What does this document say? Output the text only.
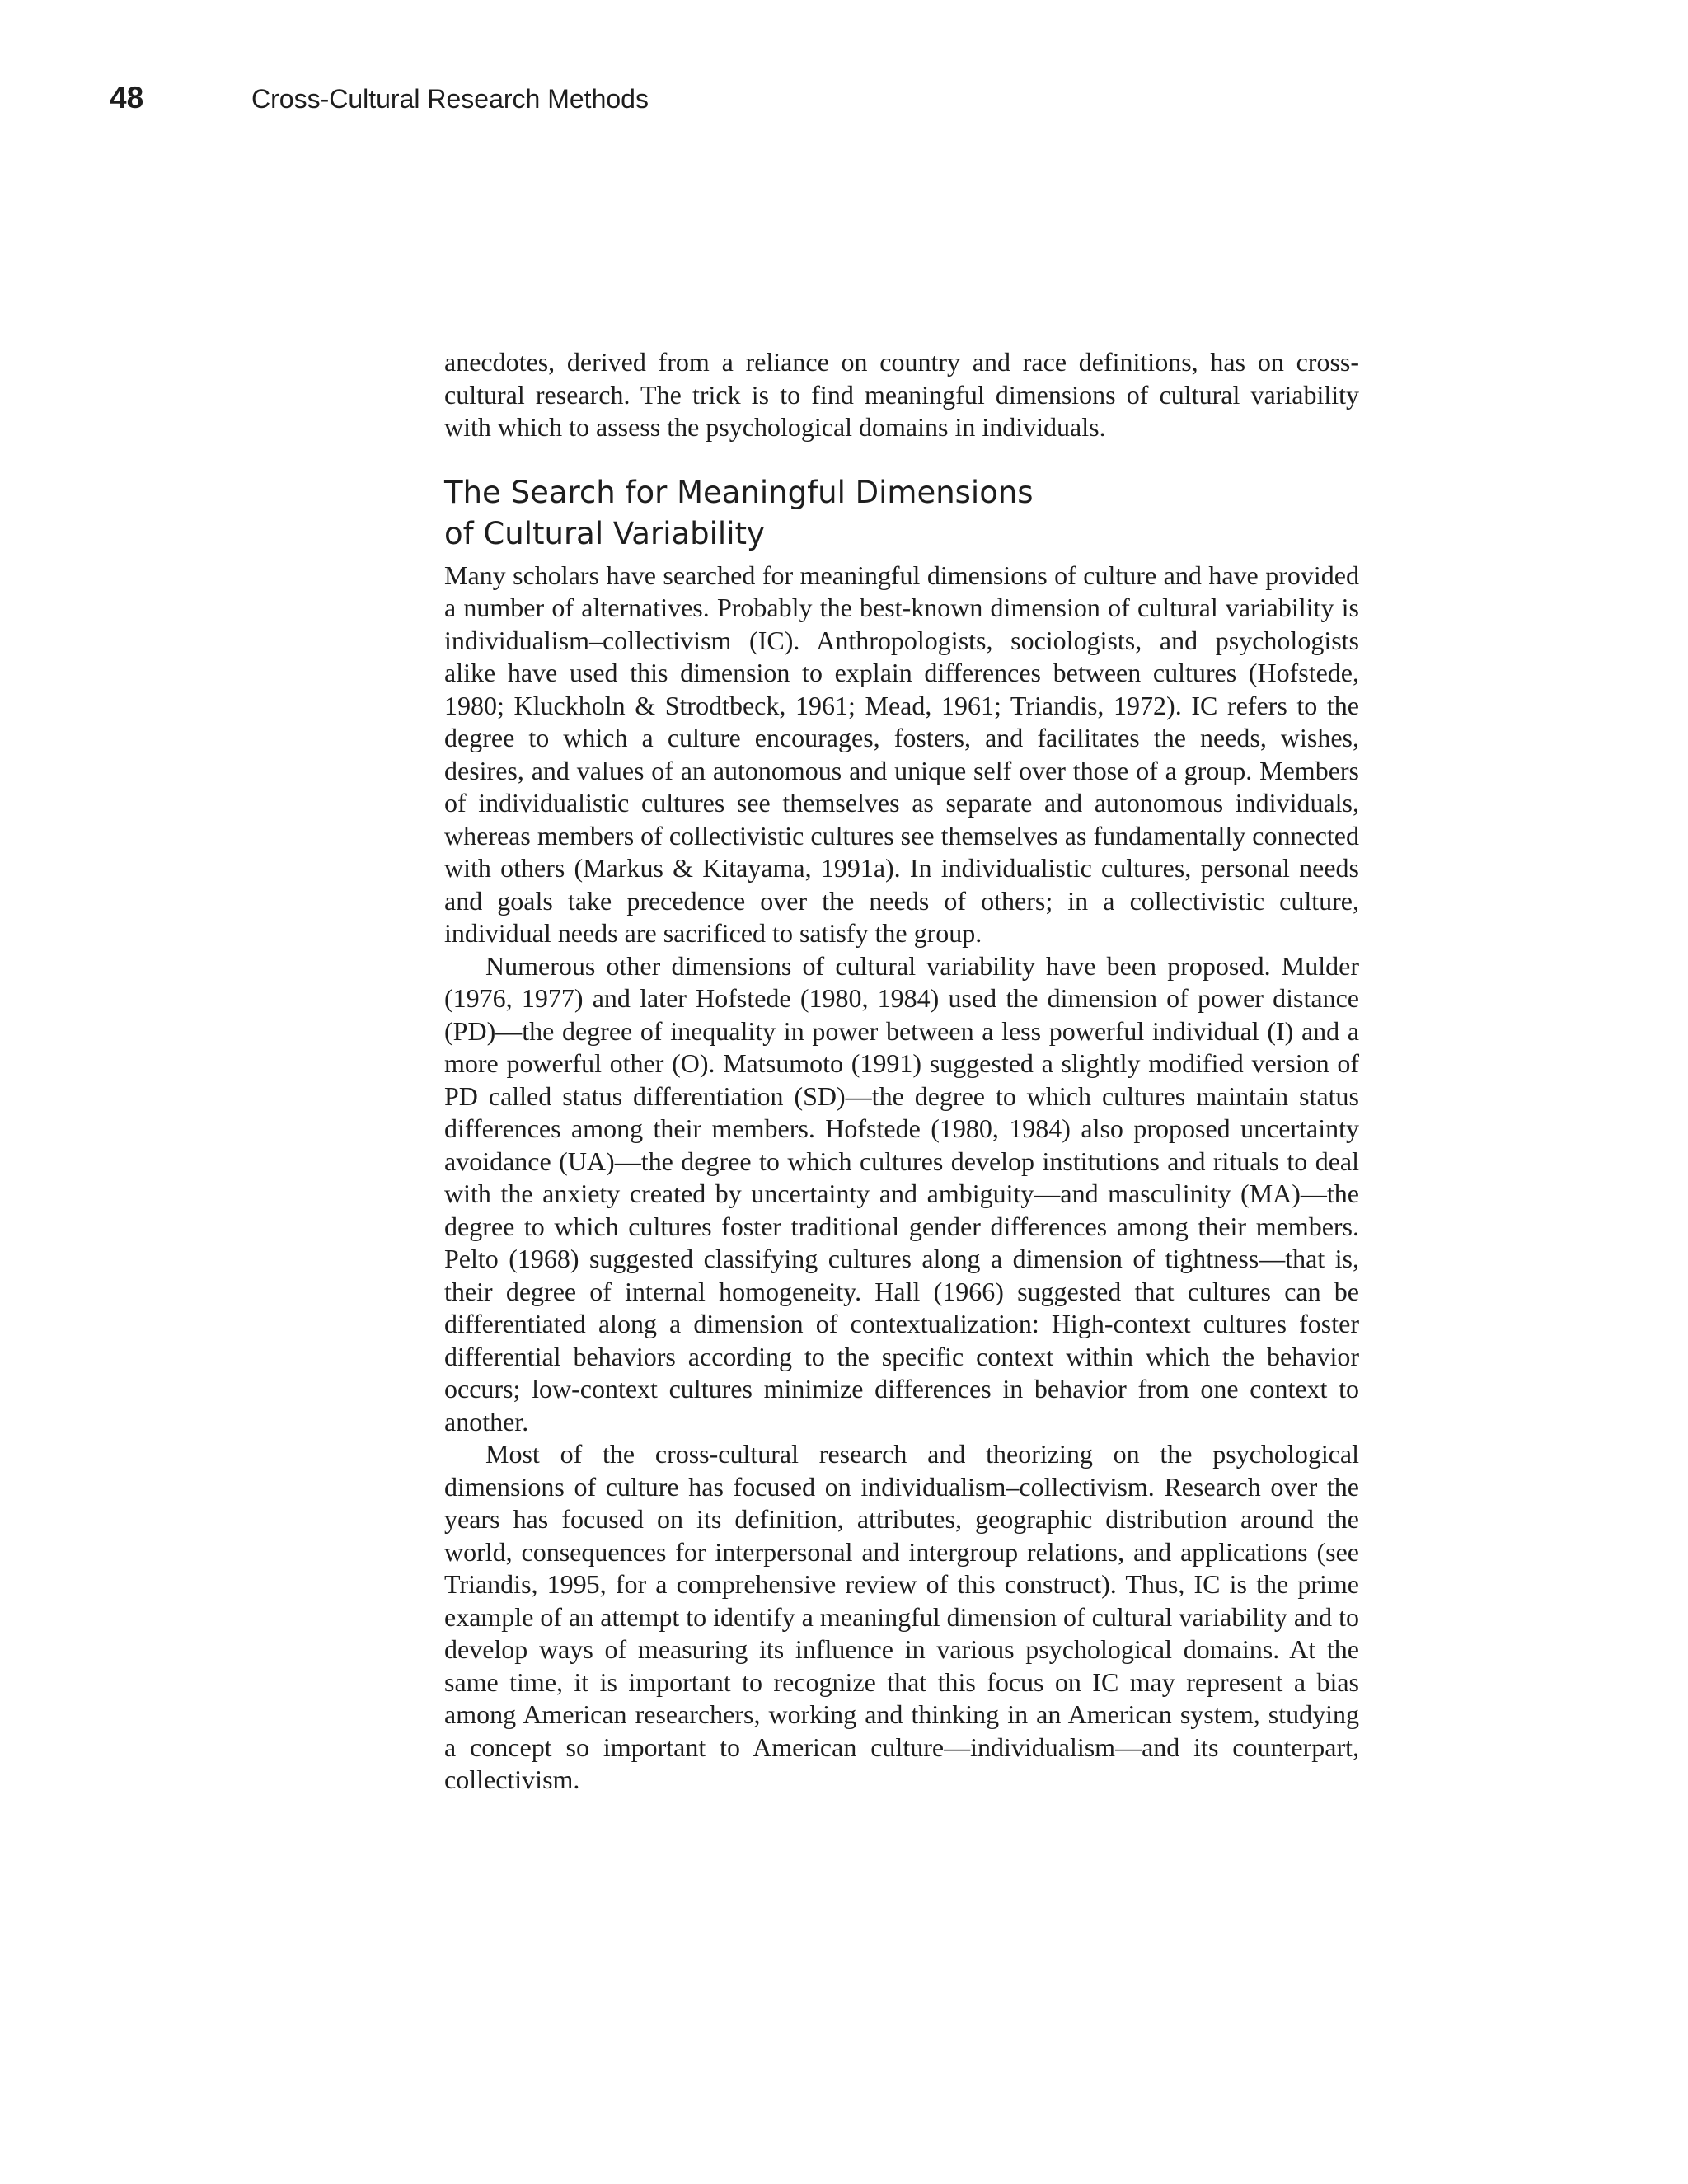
48	Cross-Cultural Research Methods

anecdotes, derived from a reliance on country and race definitions, has on cross-cultural research. The trick is to find meaningful dimensions of cultural variability with which to assess the psychological domains in individuals.

The Search for Meaningful Dimensions of Cultural Variability

Many scholars have searched for meaningful dimensions of culture and have provided a number of alternatives. Probably the best-known dimension of cultural variability is individualism–collectivism (IC). Anthropologists, sociologists, and psychologists alike have used this dimension to explain differences between cultures (Hofstede, 1980; Kluckholn & Strodtbeck, 1961; Mead, 1961; Triandis, 1972). IC refers to the degree to which a culture encourages, fosters, and facilitates the needs, wishes, desires, and values of an autonomous and unique self over those of a group. Members of individualistic cultures see themselves as separate and autonomous individuals, whereas members of collectivistic cultures see themselves as fundamentally connected with others (Markus & Kitayama, 1991a). In individualistic cultures, personal needs and goals take precedence over the needs of others; in a collectivistic culture, individual needs are sacrificed to satisfy the group.

Numerous other dimensions of cultural variability have been proposed. Mulder (1976, 1977) and later Hofstede (1980, 1984) used the dimension of power distance (PD)—the degree of inequality in power between a less powerful individual (I) and a more powerful other (O). Matsumoto (1991) suggested a slightly modified version of PD called status differentiation (SD)—the degree to which cultures maintain status differences among their members. Hofstede (1980, 1984) also proposed uncertainty avoidance (UA)—the degree to which cultures develop institutions and rituals to deal with the anxiety created by uncertainty and ambiguity—and masculinity (MA)—the degree to which cultures foster traditional gender differences among their members. Pelto (1968) suggested classifying cultures along a dimension of tightness—that is, their degree of internal homogeneity. Hall (1966) suggested that cultures can be differentiated along a dimension of contextualization: High-context cultures foster differential behaviors according to the specific context within which the behavior occurs; low-context cultures minimize differences in behavior from one context to another.

Most of the cross-cultural research and theorizing on the psychological dimensions of culture has focused on individualism–collectivism. Research over the years has focused on its definition, attributes, geographic distribution around the world, consequences for interpersonal and intergroup relations, and applications (see Triandis, 1995, for a comprehensive review of this construct). Thus, IC is the prime example of an attempt to identify a meaningful dimension of cultural variability and to develop ways of measuring its influence in various psychological domains. At the same time, it is important to recognize that this focus on IC may represent a bias among American researchers, working and thinking in an American system, studying a concept so important to American culture—individualism—and its counterpart, collectivism.
